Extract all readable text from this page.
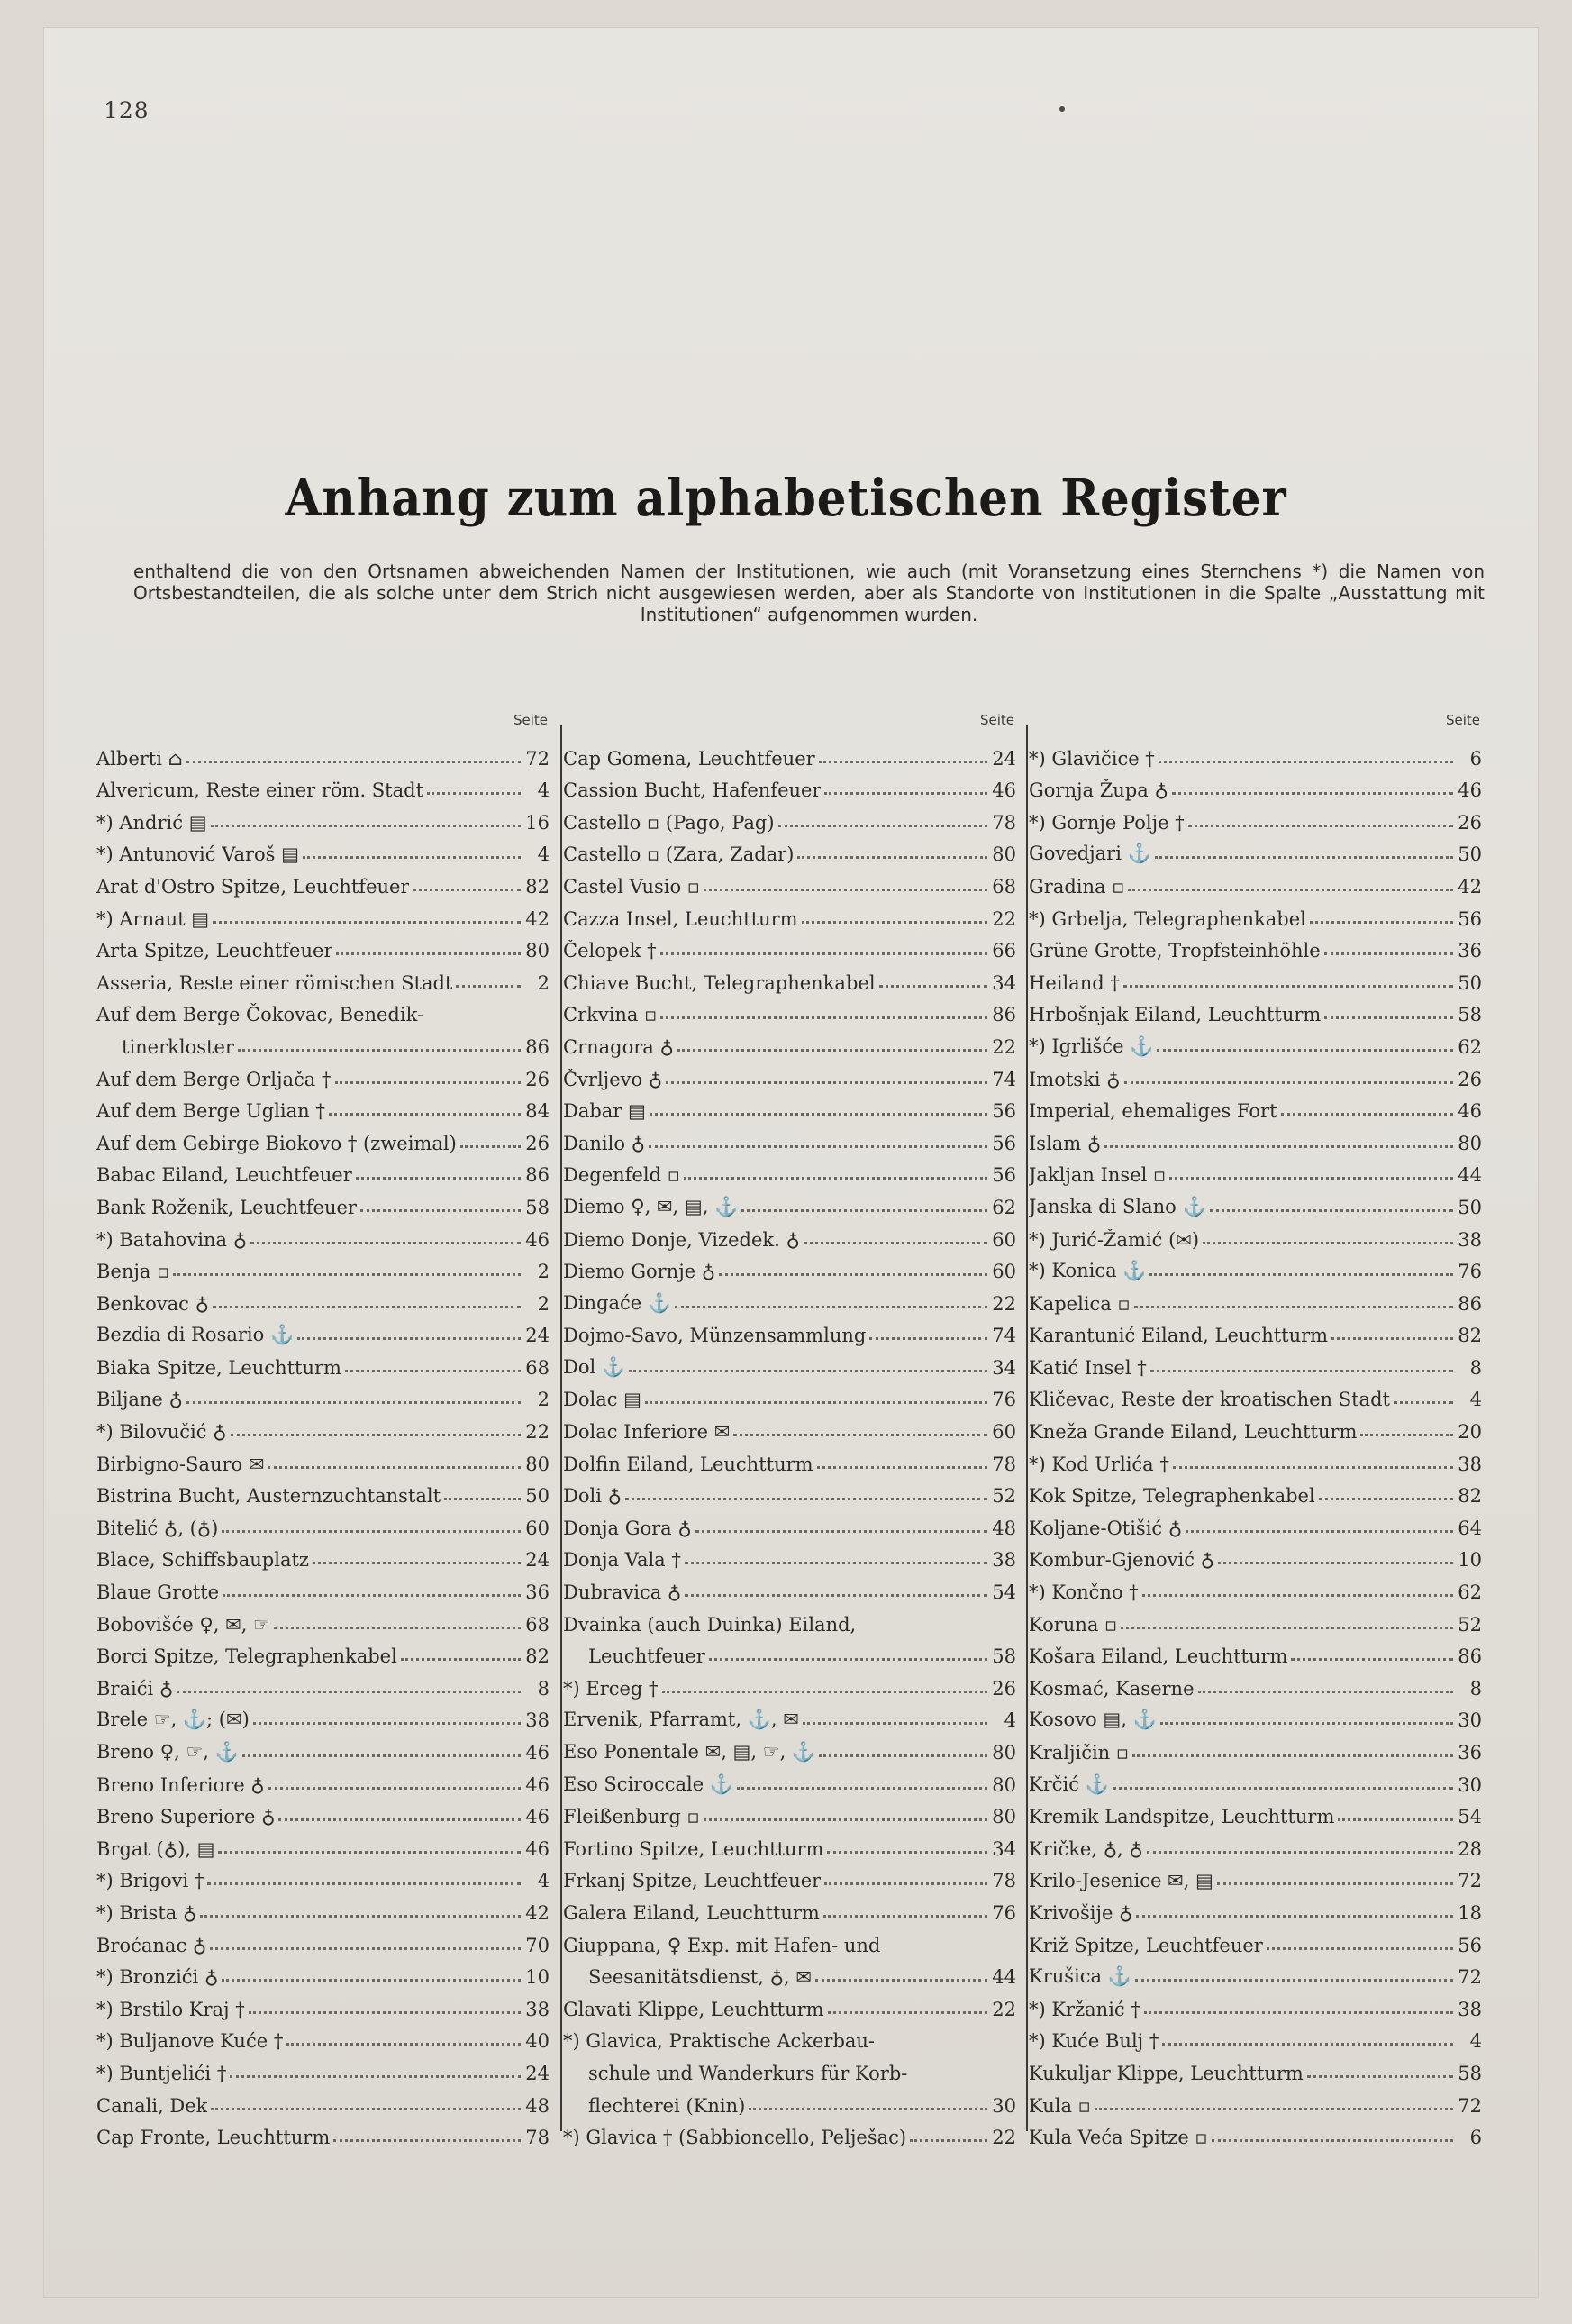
128
Anhang zum alphabetischen Register
enthaltend die von den Ortsnamen abweichenden Namen der Institutionen, wie auch (mit Voransetzung eines Sternchens *) die Namen von Ortsbestandteilen, die als solche unter dem Strich nicht ausgewiesen werden, aber als Standorte von Institutionen in die Spalte „Ausstattung mit Institutionen“ aufgenommen wurden.
Seite
Alberti ⌂	72
Alvericum, Reste einer röm. Stadt	4
*) Andrić ▤	16
*) Antunović Varoš ▤	4
Arat d'Ostro Spitze, Leuchtfeuer	82
*) Arnaut ▤	42
Arta Spitze, Leuchtfeuer	80
Asseria, Reste einer römischen Stadt	2
Auf dem Berge Čokovac, Benedik-
tinerkloster	86
Auf dem Berge Orljača †	26
Auf dem Berge Uglian †	84
Auf dem Gebirge Biokovo † (zweimal)	26
Babac Eiland, Leuchtfeuer	86
Bank Roženik, Leuchtfeuer	58
*) Batahovina ♁	46
Benja ▫	2
Benkovac ♁	2
Bezdia di Rosario ⚓	24
Biaka Spitze, Leuchtturm	68
Biljane ♁	2
*) Bilovučić ♁	22
Birbigno-Sauro ✉	80
Bistrina Bucht, Austernzuchtanstalt	50
Bitelić ♁, (♁)	60
Blace, Schiffsbauplatz	24
Blaue Grotte	36
Bobovišće ♀, ✉, ☞	68
Borci Spitze, Telegraphenkabel	82
Braići ♁	8
Brele ☞, ⚓; (✉)	38
Breno ♀, ☞, ⚓	46
Breno Inferiore ♁	46
Breno Superiore ♁	46
Brgat (♁), ▤	46
*) Brigovi †	4
*) Brista ♁	42
Broćanac ♁	70
*) Bronzići ♁	10
*) Brstilo Kraj †	38
*) Buljanove Kuće †	40
*) Buntjelići †	24
Canali, Dek	48
Cap Fronte, Leuchtturm	78
Seite
Cap Gomena, Leuchtfeuer	24
Cassion Bucht, Hafenfeuer	46
Castello ▫ (Pago, Pag)	78
Castello ▫ (Zara, Zadar)	80
Castel Vusio ▫	68
Cazza Insel, Leuchtturm	22
Čelopek †	66
Chiave Bucht, Telegraphenkabel	34
Crkvina ▫	86
Crnagora ♁	22
Čvrljevo ♁	74
Dabar ▤	56
Danilo ♁	56
Degenfeld ▫	56
Diemo ♀, ✉, ▤, ⚓	62
Diemo Donje, Vizedek. ♁	60
Diemo Gornje ♁	60
Dingaće ⚓	22
Dojmo-Savo, Münzensammlung	74
Dol ⚓	34
Dolac ▤	76
Dolac Inferiore ✉	60
Dolfin Eiland, Leuchtturm	78
Doli ♁	52
Donja Gora ♁	48
Donja Vala †	38
Dubravica ♁	54
Dvainka (auch Duinka) Eiland,
Leuchtfeuer	58
*) Erceg †	26
Ervenik, Pfarramt, ⚓, ✉	4
Eso Ponentale ✉, ▤, ☞, ⚓	80
Eso Sciroccale ⚓	80
Fleißenburg ▫	80
Fortino Spitze, Leuchtturm	34
Frkanj Spitze, Leuchtfeuer	78
Galera Eiland, Leuchtturm	76
Giuppana, ♀ Exp. mit Hafen- und
Seesanitätsdienst, ♁, ✉	44
Glavati Klippe, Leuchtturm	22
*) Glavica, Praktische Ackerbau-
schule und Wanderkurs für Korb-
flechterei (Knin)	30
*) Glavica † (Sabbioncello, Pelješac)	22
Seite
*) Glavičice †	6
Gornja Župa ♁	46
*) Gornje Polje †	26
Govedjari ⚓	50
Gradina ▫	42
*) Grbelja, Telegraphenkabel	56
Grüne Grotte, Tropfsteinhöhle	36
Heiland †	50
Hrbošnjak Eiland, Leuchtturm	58
*) Igrlišće ⚓	62
Imotski ♁	26
Imperial, ehemaliges Fort	46
Islam ♁	80
Jakljan Insel ▫	44
Janska di Slano ⚓	50
*) Jurić-Žamić (✉)	38
*) Konica ⚓	76
Kapelica ▫	86
Karantunić Eiland, Leuchtturm	82
Katić Insel †	8
Kličevac, Reste der kroatischen Stadt	4
Kneža Grande Eiland, Leuchtturm	20
*) Kod Urlića †	38
Kok Spitze, Telegraphenkabel	82
Koljane-Otišić ♁	64
Kombur-Gjenović ♁	10
*) Končno †	62
Koruna ▫	52
Košara Eiland, Leuchtturm	86
Kosmać, Kaserne	8
Kosovo ▤, ⚓	30
Kraljičin ▫	36
Krčić ⚓	30
Kremik Landspitze, Leuchtturm	54
Kričke, ♁, ♁	28
Krilo-Jesenice ✉, ▤	72
Krivošije ♁	18
Križ Spitze, Leuchtfeuer	56
Krušica ⚓	72
*) Kržanić †	38
*) Kuće Bulj †	4
Kukuljar Klippe, Leuchtturm	58
Kula ▫	72
Kula Veća Spitze ▫	6
